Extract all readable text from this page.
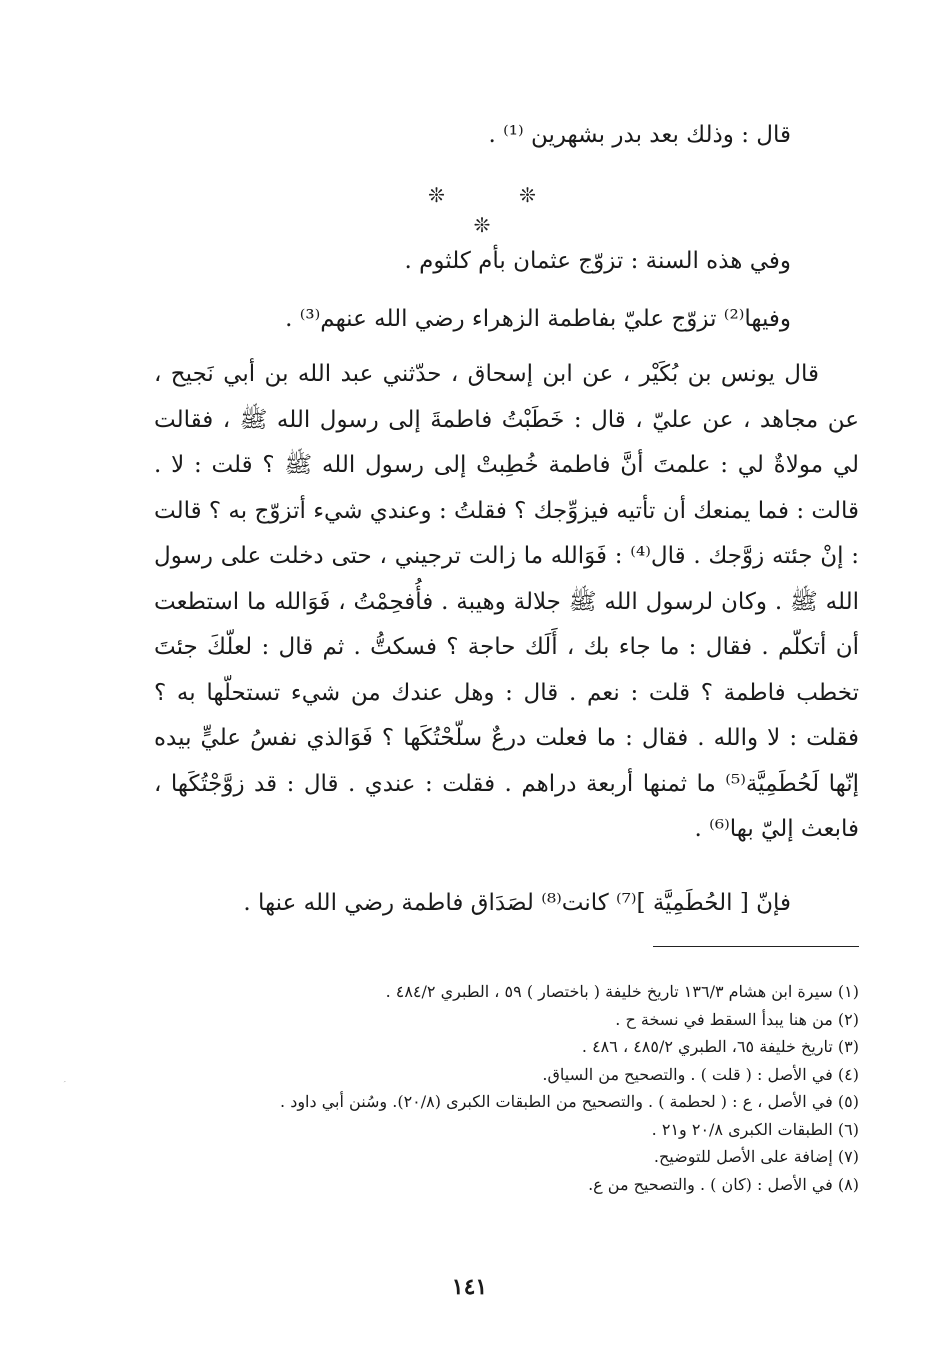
قال : وذلك بعد بدر بشهرين ⁽¹⁾ .

❊ ❊ ❊

وفي هذه السنة : تزوّج عثمان بأم كلثوم .

وفيها⁽²⁾ تزوّج عليّ بفاطمة الزهراء رضي الله عنهم⁽³⁾ .

قال يونس بن بُكَيْر ، عن ابن إسحاق ، حدّثني عبد الله بن أبي نَجيح ، عن مجاهد ، عن عليّ ، قال : خَطَبْتُ فاطمةَ إلى رسول الله ﷺ ، فقالت لي مولاةٌ لي : علمتَ أنَّ فاطمة خُطِبتْ إلى رسول الله ﷺ ؟ قلت : لا . قالت : فما يمنعك أن تأتيه فيزوِّجك ؟ فقلتُ : وعندي شيء أتزوّج به ؟ قالت : إنْ جئته زوَّجك . قال⁽⁴⁾ : فَوَالله ما زالت ترجيني ، حتى دخلت على رسول الله ﷺ . وكان لرسول الله ﷺ جلالة وهيبة . فأُفحِمْتُ ، فَوَالله ما استطعت أن أتكلّم . فقال : ما جاء بك ، أَلَك حاجة ؟ فسكتُّ . ثم قال : لعلّكَ جئتَ تخطب فاطمة ؟ قلت : نعم . قال : وهل عندك من شيء تستحلّها به ؟ فقلت : لا والله . فقال : ما فعلت درعٌ سلّحْتُكَها ؟ فَوَالذي نفسُ عليٍّ بيده إنّها لَحُطَمِيَّة⁽⁵⁾ ما ثمنها أربعة دراهم . فقلت : عندي . قال : قد زوَّجْتُكَها ، فابعث إليّ بها⁽⁶⁾ .

فإنّ [ الحُطَمِيَّة ]⁽⁷⁾ كانت⁽⁸⁾ لصَدَاق فاطمة رضي الله عنها .

(١) سيرة ابن هشام ١٣٦/٣ تاريخ خليفة ( باختصار ) ٥٩ ، الطبري ٤٨٤/٢ .
(٢) من هنا يبدأ السقط في نسخة ح .
(٣) تاريخ خليفة ٦٥، الطبري ٤٨٥/٢ ، ٤٨٦ .
(٤) في الأصل : ( قلت ) . والتصحيح من السياق.
(٥) في الأصل ، ع : ( لحطمة ) . والتصحيح من الطبقات الكبرى (٢٠/٨). وسُنن أبي داود .
(٦) الطبقات الكبرى ٢٠/٨ و٢١ .
(٧) إضافة على الأصل للتوضيح.
(٨) في الأصل : (كان ) . والتصحيح من ع.
١٤١
